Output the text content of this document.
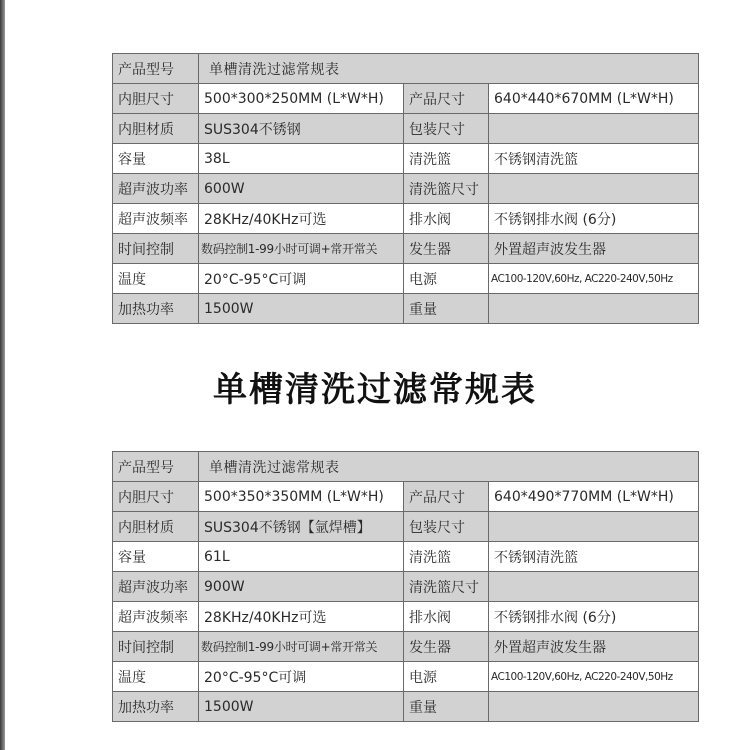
产品型号	单槽清洗过滤常规表		
内胆尺寸	500*300*250MM (L*W*H)	产品尺寸	640*440*670MM (L*W*H)
内胆材质	SUS304不锈钢	包装尺寸	
容量	38L	清洗篮	不锈钢清洗篮
超声波功率	600W	清洗篮尺寸	
超声波频率	28KHz/40KHz可选	排水阀	不锈钢排水阀 (6分)
时间控制	数码控制1-99小时可调+常开常关	发生器	外置超声波发生器
温度	20°C-95°C可调	电源	AC100-120V,60Hz, AC220-240V,50Hz
加热功率	1500W	重量	
单槽清洗过滤常规表
产品型号	单槽清洗过滤常规表		
内胆尺寸	500*350*350MM (L*W*H)	产品尺寸	640*490*770MM (L*W*H)
内胆材质	SUS304不锈钢【氩焊槽】	包装尺寸	
容量	61L	清洗篮	不锈钢清洗篮
超声波功率	900W	清洗篮尺寸	
超声波频率	28KHz/40KHz可选	排水阀	不锈钢排水阀 (6分)
时间控制	数码控制1-99小时可调+常开常关	发生器	外置超声波发生器
温度	20°C-95°C可调	电源	AC100-120V,60Hz, AC220-240V,50Hz
加热功率	1500W	重量	
